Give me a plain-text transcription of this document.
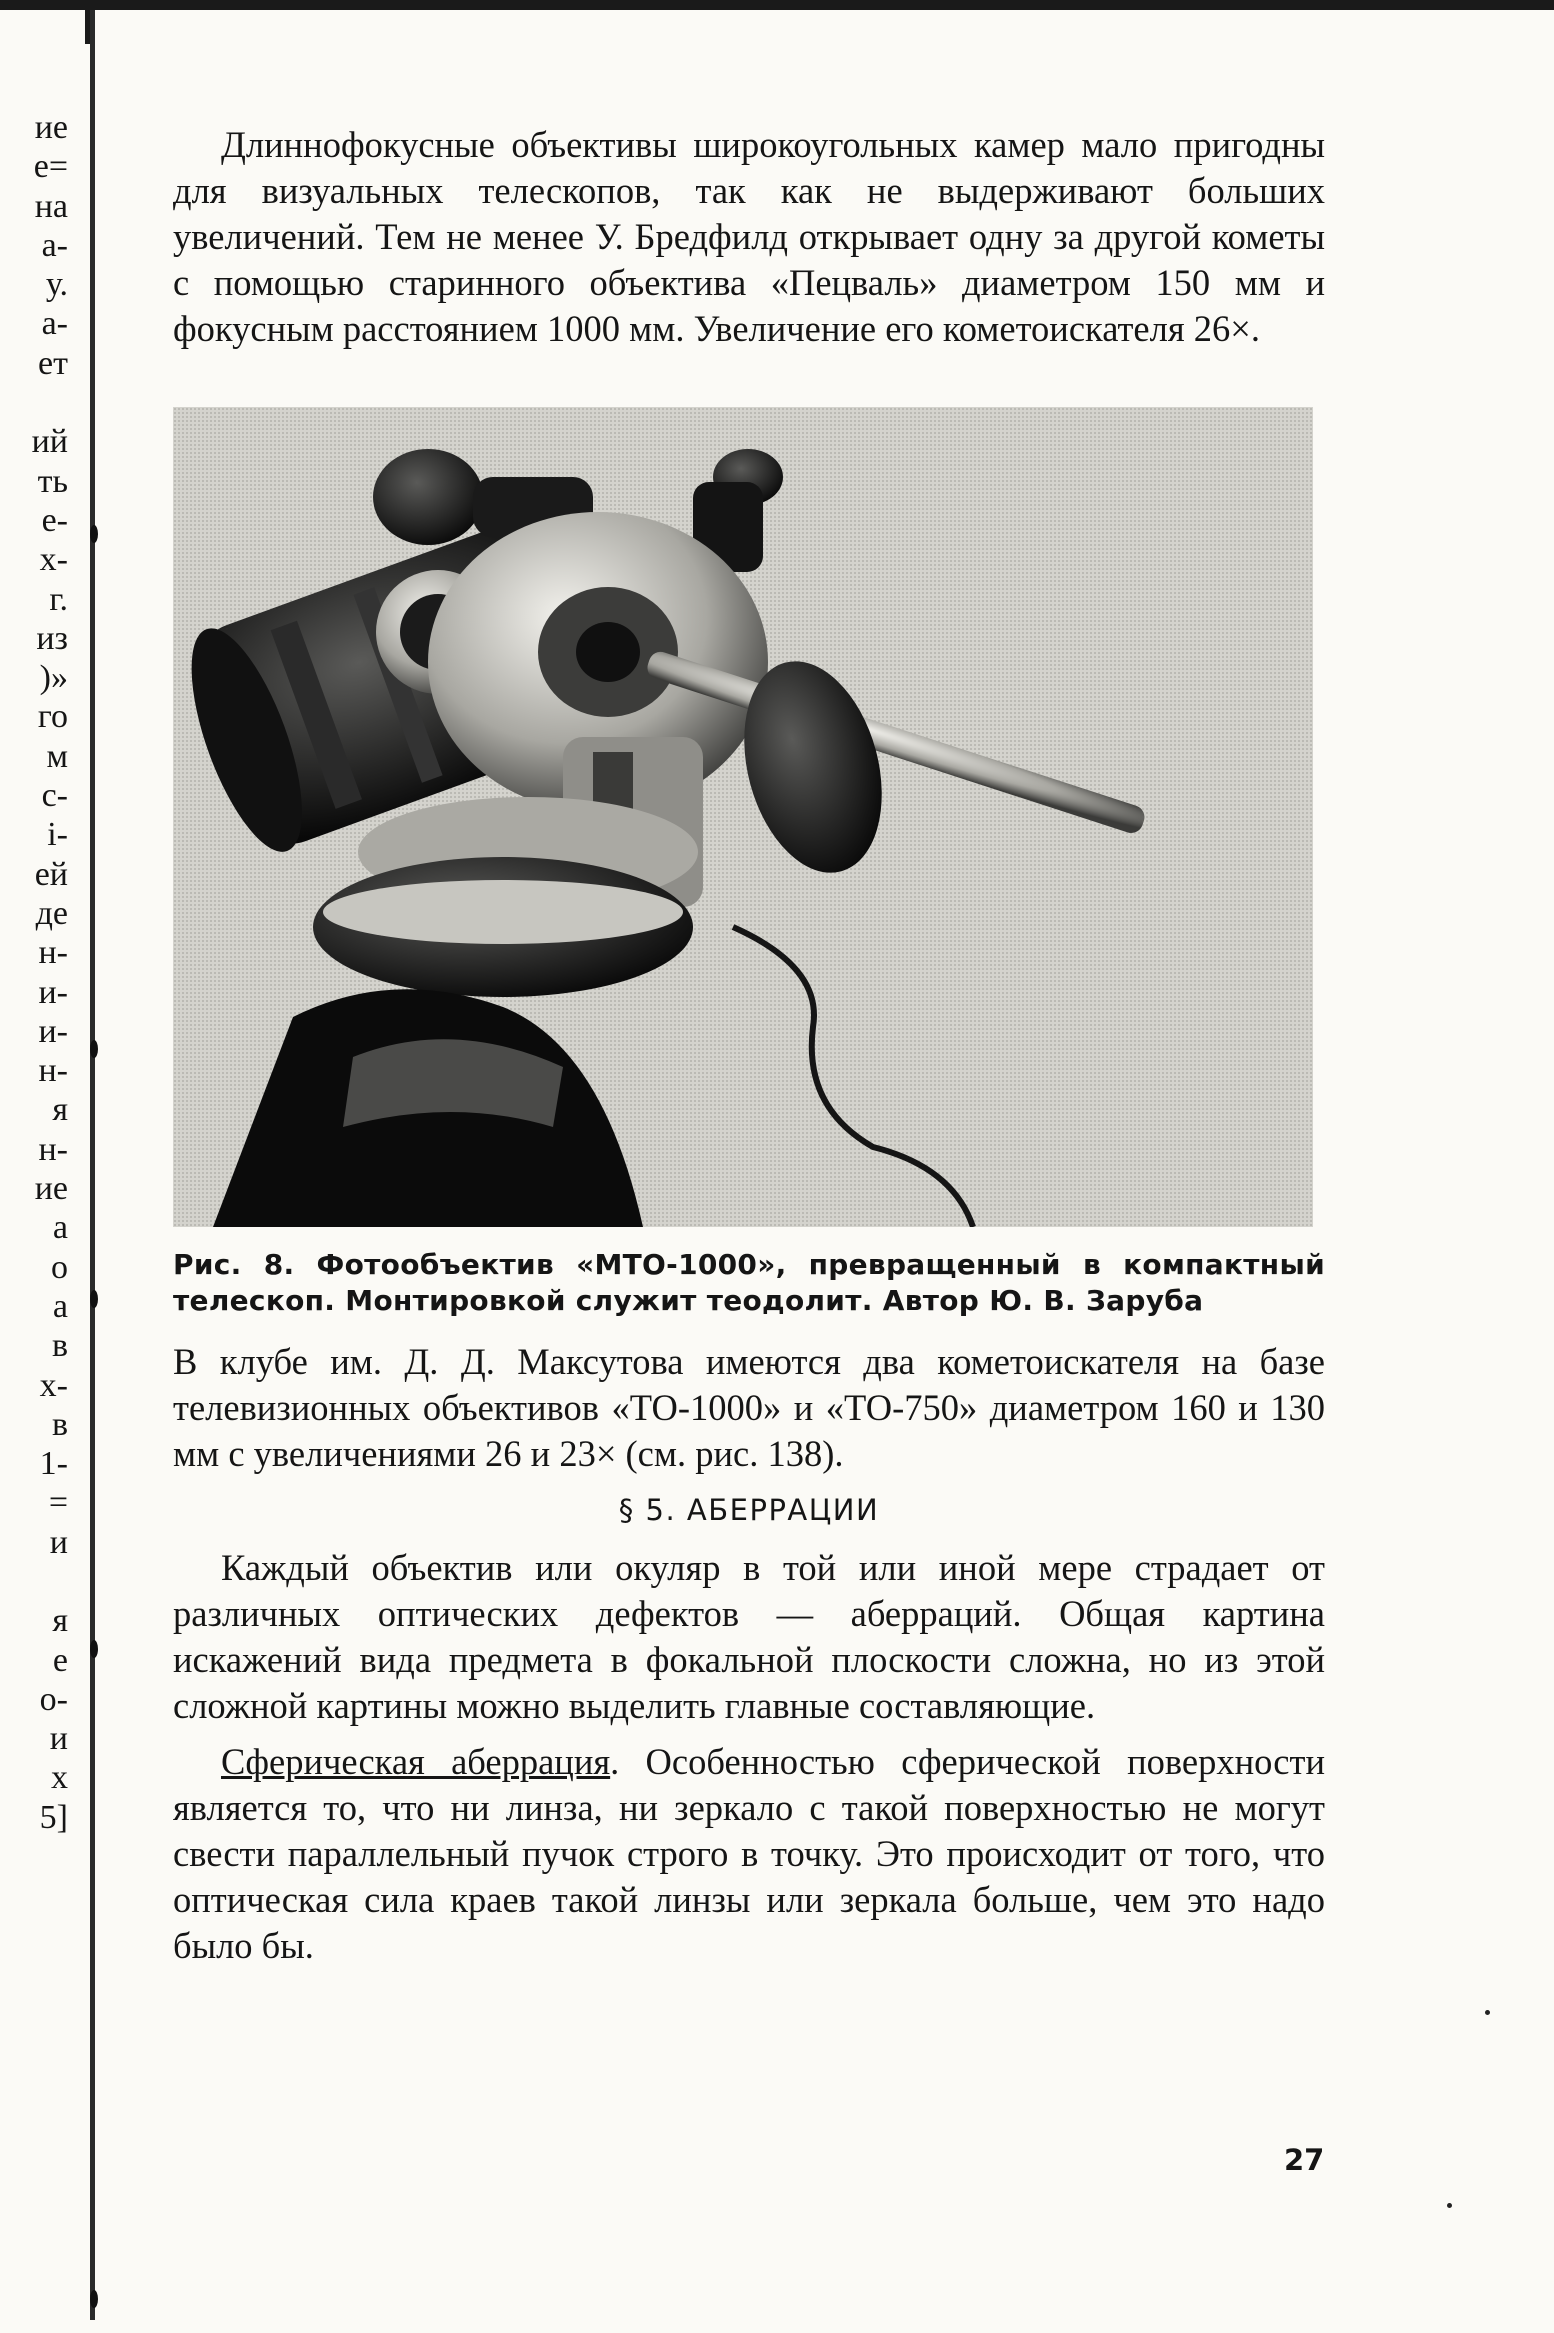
ие
е=
на
а-
у.
а-
ет
ий
ть
е-
х-
г.
из
)»
го
м
с-
і-
ей
де
н-
и-
и-
н-
я
н-
ие
а
о
а
в
х-
в
1-
=
и
я
е
о-
и
х
5]

Длиннофокусные объективы широкоугольных камер мало пригодны для визуальных телескопов, так как не выдерживают больших увеличений. Тем не менее У. Бредфилд открывает одну за другой кометы с помощью старинного объектива «Пецваль» диаметром 150 мм и фокусным расстоянием 1000 мм. Увеличение его кометоискателя 26×.

Рис. 8. Фотообъектив «МТО-1000», превращенный в компактный телескоп. Монтировкой служит теодолит. Автор Ю. В. Заруба

В клубе им. Д. Д. Максутова имеются два кометоискателя на базе телевизионных объективов «ТО-1000» и «ТО-750» диаметром 160 и 130 мм с увеличениями 26 и 23× (см. рис. 138).

§ 5. АБЕРРАЦИИ

Каждый объектив или окуляр в той или иной мере страдает от различных оптических дефектов — аберраций. Общая картина искажений вида предмета в фокальной плоскости сложна, но из этой сложной картины можно выделить главные составляющие.

Сферическая аберрация. Особенностью сферической поверхности является то, что ни линза, ни зеркало с такой поверхностью не могут свести параллельный пучок строго в точку. Это происходит от того, что оптическая сила краев такой линзы или зеркала больше, чем это надо было бы.

27
